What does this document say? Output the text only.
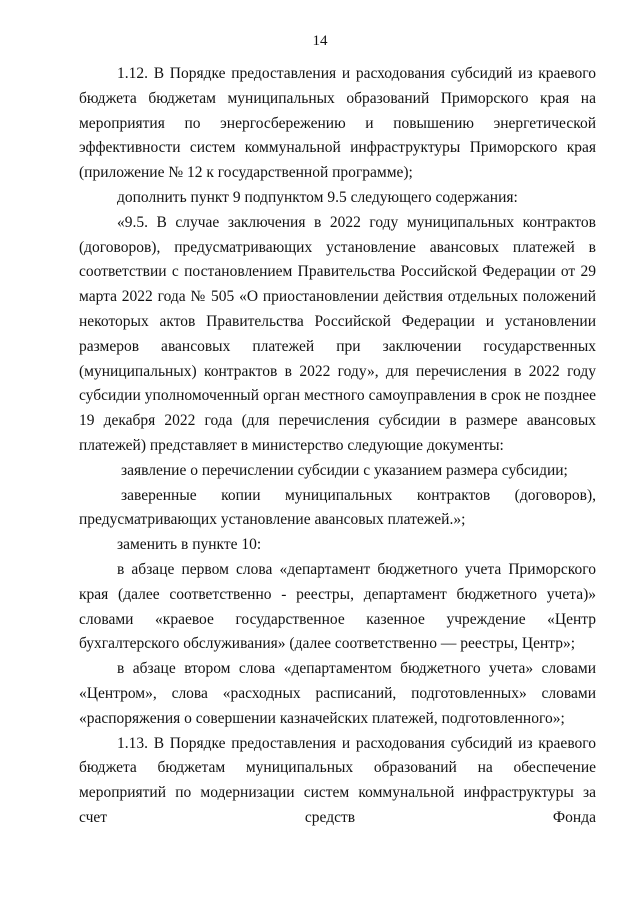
14

1.12. В Порядке предоставления и расходования субсидий из краевого бюджета бюджетам муниципальных образований Приморского края на мероприятия по энергосбережению и повышению энергетической эффективности систем коммунальной инфраструктуры Приморского края (приложение № 12 к государственной программе);

дополнить пункт 9 подпунктом 9.5 следующего содержания:

«9.5. В случае заключения в 2022 году муниципальных контрактов (договоров), предусматривающих установление авансовых платежей в соответствии с постановлением Правительства Российской Федерации от 29 марта 2022 года № 505 «О приостановлении действия отдельных положений некоторых актов Правительства Российской Федерации и установлении размеров авансовых платежей при заключении государственных (муниципальных) контрактов в 2022 году», для перечисления в 2022 году субсидии уполномоченный орган местного самоуправления в срок не позднее 19 декабря 2022 года (для перечисления субсидии в размере авансовых платежей) представляет в министерство следующие документы:

заявление о перечислении субсидии с указанием размера субсидии;

заверенные копии муниципальных контрактов (договоров), предусматривающих установление авансовых платежей.»;

заменить в пункте 10:

в абзаце первом слова «департамент бюджетного учета Приморского края (далее соответственно - реестры, департамент бюджетного учета)» словами «краевое государственное казенное учреждение «Центр бухгалтерского обслуживания» (далее соответственно — реестры, Центр»;

в абзаце втором слова «департаментом бюджетного учета» словами «Центром», слова «расходных расписаний, подготовленных» словами «распоряжения о совершении казначейских платежей, подготовленного»;

1.13. В Порядке предоставления и расходования субсидий из краевого бюджета бюджетам муниципальных образований на обеспечение мероприятий по модернизации систем коммунальной инфраструктуры за счет средств Фонда
